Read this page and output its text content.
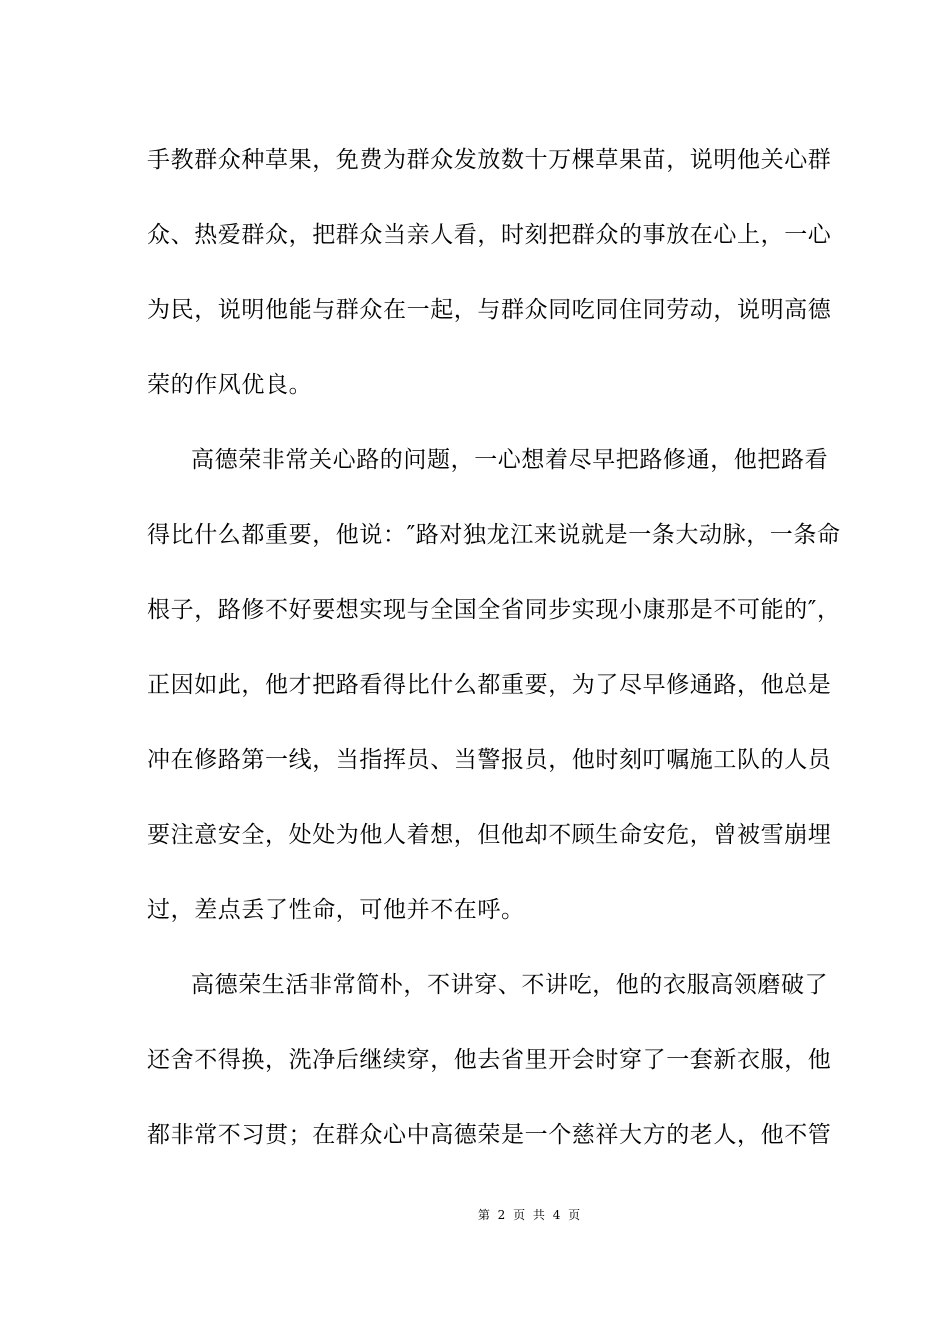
手教群众种草果，免费为群众发放数十万棵草果苗，说明他关心群
众、热爱群众，把群众当亲人看，时刻把群众的事放在心上，一心
为民，说明他能与群众在一起，与群众同吃同住同劳动，说明高德
荣的作风优良。
高德荣非常关心路的问题，一心想着尽早把路修通，他把路看
得比什么都重要，他说：″路对独龙江来说就是一条大动脉，一条命
根子，路修不好要想实现与全国全省同步实现小康那是不可能的″，
正因如此，他才把路看得比什么都重要，为了尽早修通路，他总是
冲在修路第一线，当指挥员、当警报员，他时刻叮嘱施工队的人员
要注意安全，处处为他人着想，但他却不顾生命安危，曾被雪崩埋
过，差点丢了性命，可他并不在呼。
高德荣生活非常简朴，不讲穿、不讲吃，他的衣服高领磨破了
还舍不得换，洗净后继续穿，他去省里开会时穿了一套新衣服，他
都非常不习贯；在群众心中高德荣是一个慈祥大方的老人，他不管
第 2 页 共 4 页
